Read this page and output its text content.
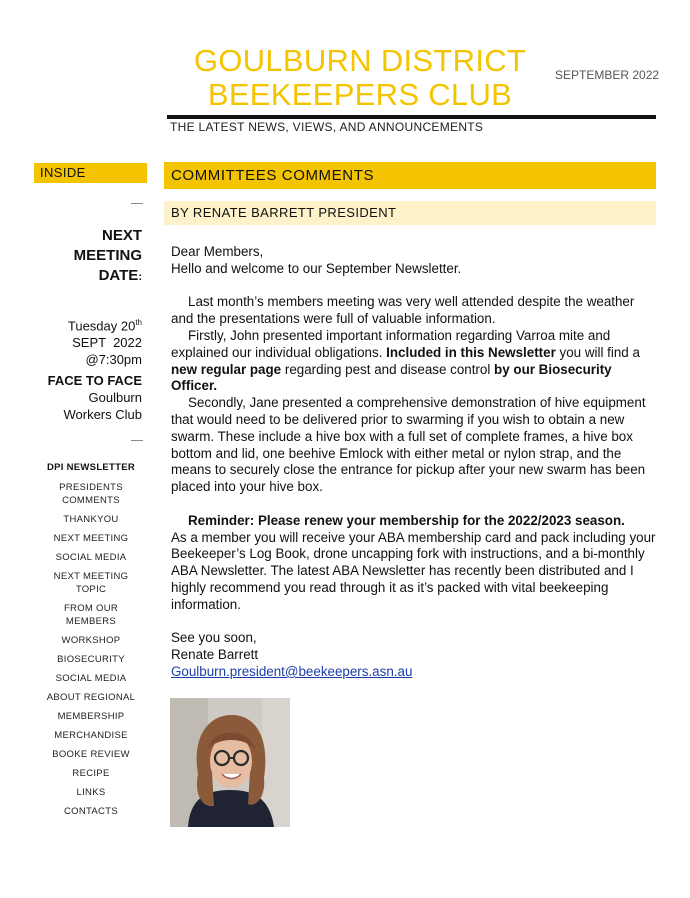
GOULBURN DISTRICT
BEEKEEPERS CLUB
SEPTEMBER 2022
THE LATEST NEWS, VIEWS, AND ANNOUNCEMENTS
INSIDE
NEXT
MEETING
DATE:
Tuesday 20th
SEPT  2022
@7:30pm
FACE TO FACE
Goulburn
Workers Club
DPI NEWSLETTER
PRESIDENTS COMMENTS
THANKYOU
NEXT MEETING
SOCIAL MEDIA
NEXT MEETING TOPIC
FROM OUR MEMBERS
WORKSHOP
BIOSECURITY
SOCIAL MEDIA
ABOUT REGIONAL
MEMBERSHIP
MERCHANDISE
BOOKE REVIEW
RECIPE
LINKS
CONTACTS
COMMITTEES COMMENTS
BY RENATE BARRETT PRESIDENT

Dear Members,

Hello and welcome to our September Newsletter.

Last month’s members meeting was very well attended despite the weather and the presentations were full of valuable information.

Firstly, John presented important information regarding Varroa mite and explained our individual obligations. Included in this Newsletter you will find a new regular page regarding pest and disease control by our Biosecurity Officer.

Secondly, Jane presented a comprehensive demonstration of hive equipment that would need to be delivered prior to swarming if you wish to obtain a new swarm. These include a hive box with a full set of complete frames, a hive box bottom and lid, one beehive Emlock with either metal or nylon strap, and the means to securely close the entrance for pickup after your new swarm has been placed into your hive box.

Reminder: Please renew your membership for the 2022/2023 season.

As a member you will receive your ABA membership card and pack including your Beekeeper’s Log Book, drone uncapping fork with instructions, and a bi-monthly ABA Newsletter. The latest ABA Newsletter has recently been distributed and I highly recommend you read through it as it’s packed with vital beekeeping information.

See you soon,

Renate Barrett

Goulburn.president@beekeepers.asn.au
